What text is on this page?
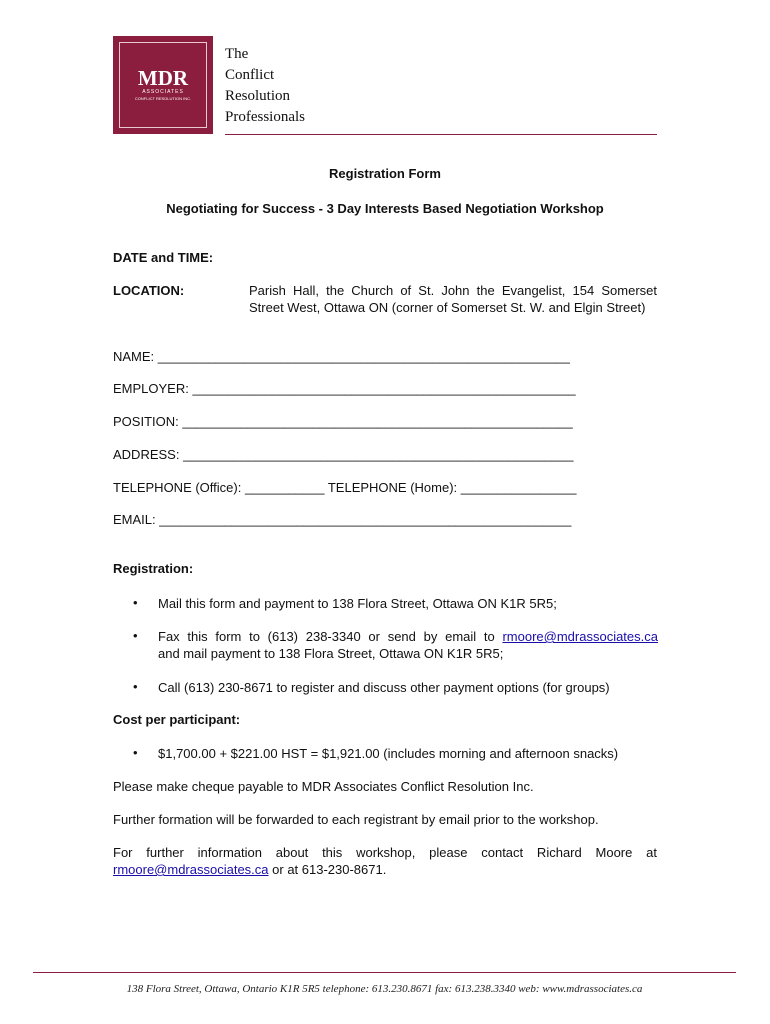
MDR
ASSOCIATES
CONFLICT RESOLUTION INC.
The
Conflict
Resolution
Professionals
Registration Form
Negotiating for Success - 3 Day Interests Based Negotiation Workshop
DATE and TIME:
LOCATION:	Parish Hall, the Church of St. John the Evangelist, 154 Somerset Street West, Ottawa ON (corner of Somerset St. W. and Elgin Street)
NAME: _________________________________________________________
EMPLOYER: _____________________________________________________
POSITION: ______________________________________________________
ADDRESS: ______________________________________________________
TELEPHONE (Office): ___________ TELEPHONE (Home): ________________
EMAIL: _________________________________________________________
Registration:
• Mail this form and payment to 138 Flora Street, Ottawa ON K1R 5R5;
• Fax this form to (613) 238-3340 or send by email to rmoore@mdrassociates.ca
and mail payment to 138 Flora Street, Ottawa ON K1R 5R5;
• Call (613) 230-8671 to register and discuss other payment options (for groups)
Cost per participant:
• $1,700.00 + $221.00 HST = $1,921.00 (includes morning and afternoon snacks)
Please make cheque payable to MDR Associates Conflict Resolution Inc.
Further formation will be forwarded to each registrant by email prior to the workshop.
For further information about this workshop, please contact Richard Moore at
rmoore@mdrassociates.ca or at 613-230-8671.
138 Flora Street, Ottawa, Ontario K1R 5R5 telephone: 613.230.8671 fax: 613.238.3340 web: www.mdrassociates.ca
